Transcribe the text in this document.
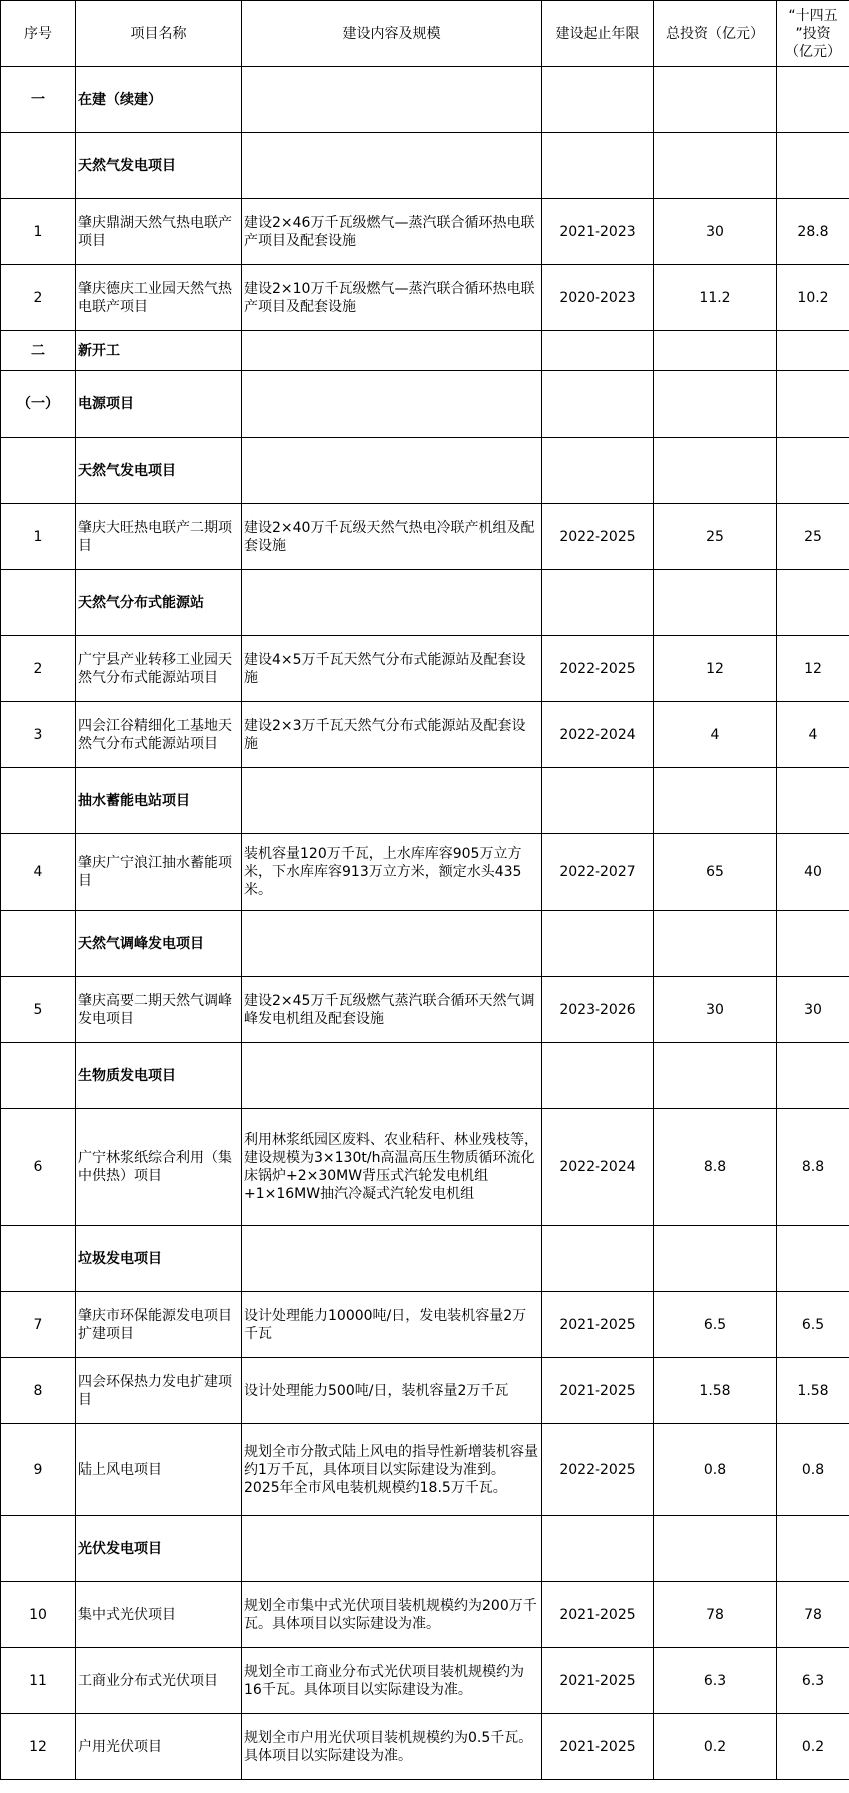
序号	项目名称	建设内容及规模	建设起止年限	总投资（亿元）	“十四五
”投资
（亿元）

一	在建（续建）				
	天然气发电项目				
1	肇庆鼎湖天然气热电联产项目	建设2×46万千瓦级燃气—蒸汽联合循环热电联产项目及配套设施	2021-2023	30	28.8
2	肇庆德庆工业园天然气热电联产项目	建设2×10万千瓦级燃气—蒸汽联合循环热电联产项目及配套设施	2020-2023	11.2	10.2
二	新开工				
（一）	电源项目				
	天然气发电项目				
1	肇庆大旺热电联产二期项目	建设2×40万千瓦级天然气热电冷联产机组及配套设施	2022-2025	25	25
	天然气分布式能源站				
2	广宁县产业转移工业园天然气分布式能源站项目	建设4×5万千瓦天然气分布式能源站及配套设施	2022-2025	12	12
3	四会江谷精细化工基地天然气分布式能源站项目	建设2×3万千瓦天然气分布式能源站及配套设施	2022-2024	4	4
	抽水蓄能电站项目				
4	肇庆广宁浪江抽水蓄能项目	装机容量120万千瓦，上水库库容905万立方米，下水库库容913万立方米，额定水头435米。	2022-2027	65	40
	天然气调峰发电项目				
5	肇庆高要二期天然气调峰发电项目	建设2×45万千瓦级燃气蒸汽联合循环天然气调峰发电机组及配套设施	2023-2026	30	30
	生物质发电项目				
6	广宁林浆纸综合利用（集中供热）项目	利用林浆纸园区废料、农业秸秆、林业残枝等，建设规模为3×130t/h高温高压生物质循环流化床锅炉+2×30MW背压式汽轮发电机组+1×16MW抽汽冷凝式汽轮发电机组	2022-2024	8.8	8.8
	垃圾发电项目				
7	肇庆市环保能源发电项目扩建项目	设计处理能力10000吨/日，发电装机容量2万千瓦	2021-2025	6.5	6.5
8	四会环保热力发电扩建项目	设计处理能力500吨/日，装机容量2万千瓦	2021-2025	1.58	1.58
9	陆上风电项目	规划全市分散式陆上风电的指导性新增装机容量约1万千瓦，具体项目以实际建设为准到。2025年全市风电装机规模约18.5万千瓦。	2022-2025	0.8	0.8
	光伏发电项目				
10	集中式光伏项目	规划全市集中式光伏项目装机规模约为200万千瓦。具体项目以实际建设为准。	2021-2025	78	78
11	工商业分布式光伏项目	规划全市工商业分布式光伏项目装机规模约为16千瓦。具体项目以实际建设为准。	2021-2025	6.3	6.3
12	户用光伏项目	规划全市户用光伏项目装机规模约为0.5千瓦。具体项目以实际建设为准。	2021-2025	0.2	0.2
